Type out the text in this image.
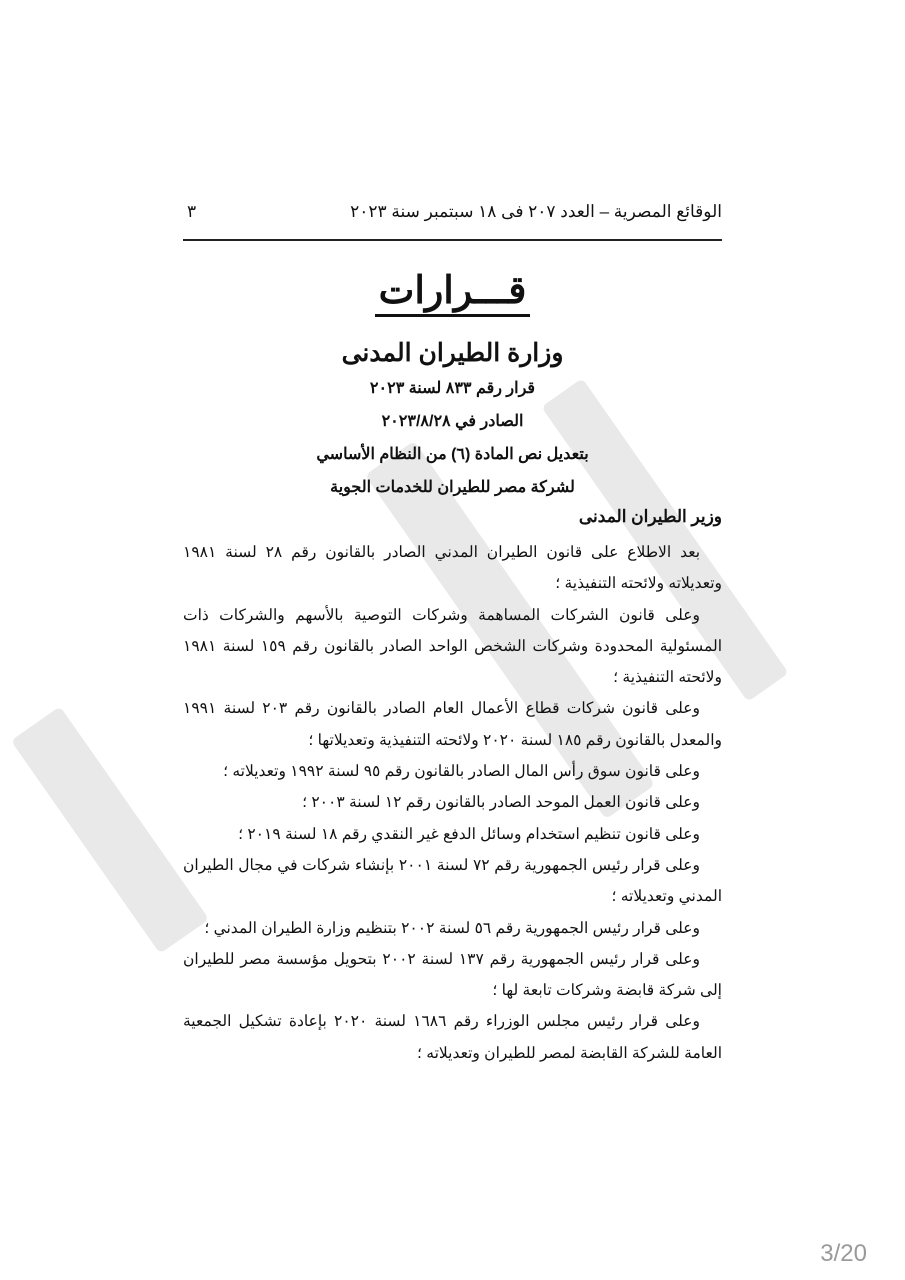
الوقائع المصرية – العدد ٢٠٧ فى ١٨ سبتمبر سنة ٢٠٢٣
٣
قـــرارات
وزارة الطيران المدنى
قرار رقم ٨٣٣ لسنة ٢٠٢٣
الصادر في ٢٠٢٣/٨/٢٨
بتعديل نص المادة (٦) من النظام الأساسي
لشركة مصر للطيران للخدمات الجوية
وزير الطيران المدنى

بعد الاطلاع على قانون الطيران المدني الصادر بالقانون رقم ٢٨ لسنة ١٩٨١ وتعديلاته ولائحته التنفيذية ؛

وعلى قانون الشركات المساهمة وشركات التوصية بالأسهم والشركات ذات المسئولية المحدودة وشركات الشخص الواحد الصادر بالقانون رقم ١٥٩ لسنة ١٩٨١ ولائحته التنفيذية ؛

وعلى قانون شركات قطاع الأعمال العام الصادر بالقانون رقم ٢٠٣ لسنة ١٩٩١ والمعدل بالقانون رقم ١٨٥ لسنة ٢٠٢٠ ولائحته التنفيذية وتعديلاتها ؛

وعلى قانون سوق رأس المال الصادر بالقانون رقم ٩٥ لسنة ١٩٩٢ وتعديلاته ؛

وعلى قانون العمل الموحد الصادر بالقانون رقم ١٢ لسنة ٢٠٠٣ ؛

وعلى قانون تنظيم استخدام وسائل الدفع غير النقدي رقم ١٨ لسنة ٢٠١٩ ؛

وعلى قرار رئيس الجمهورية رقم ٧٢ لسنة ٢٠٠١ بإنشاء شركات في مجال الطيران المدني وتعديلاته ؛

وعلى قرار رئيس الجمهورية رقم ٥٦ لسنة ٢٠٠٢ بتنظيم وزارة الطيران المدني ؛

وعلى قرار رئيس الجمهورية رقم ١٣٧ لسنة ٢٠٠٢ بتحويل مؤسسة مصر للطيران إلى شركة قابضة وشركات تابعة لها ؛

وعلى قرار رئيس مجلس الوزراء رقم ١٦٨٦ لسنة ٢٠٢٠ بإعادة تشكيل الجمعية العامة للشركة القابضة لمصر للطيران وتعديلاته ؛

3/20
